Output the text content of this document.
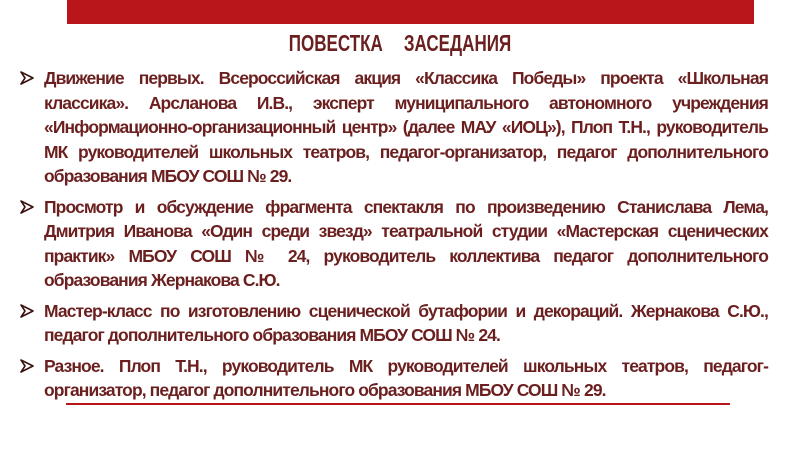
ПОВЕСТКА ЗАСЕДАНИЯ
Движение первых. Всероссийская акция «Классика Победы» проекта «Школьная классика». Арсланова И.В., эксперт муниципального автономного учреждения «Информационно-организационный центр» (далее МАУ «ИОЦ»), Плоп Т.Н., руководитель МК руководителей школьных театров, педагог-организатор, педагог дополнительного образования МБОУ СОШ № 29.
Просмотр и обсуждение фрагмента спектакля по произведению Станислава Лема, Дмитрия Иванова «Один среди звезд» театральной студии «Мастерская сценических практик» МБОУ СОШ № 24, руководитель коллектива педагог дополнительного образования Жернакова С.Ю.
Мастер-класс по изготовлению сценической бутафории и декораций. Жернакова С.Ю., педагог дополнительного образования МБОУ СОШ № 24.
Разное. Плоп Т.Н., руководитель МК руководителей школьных театров, педагог-организатор, педагог дополнительного образования МБОУ СОШ № 29.
